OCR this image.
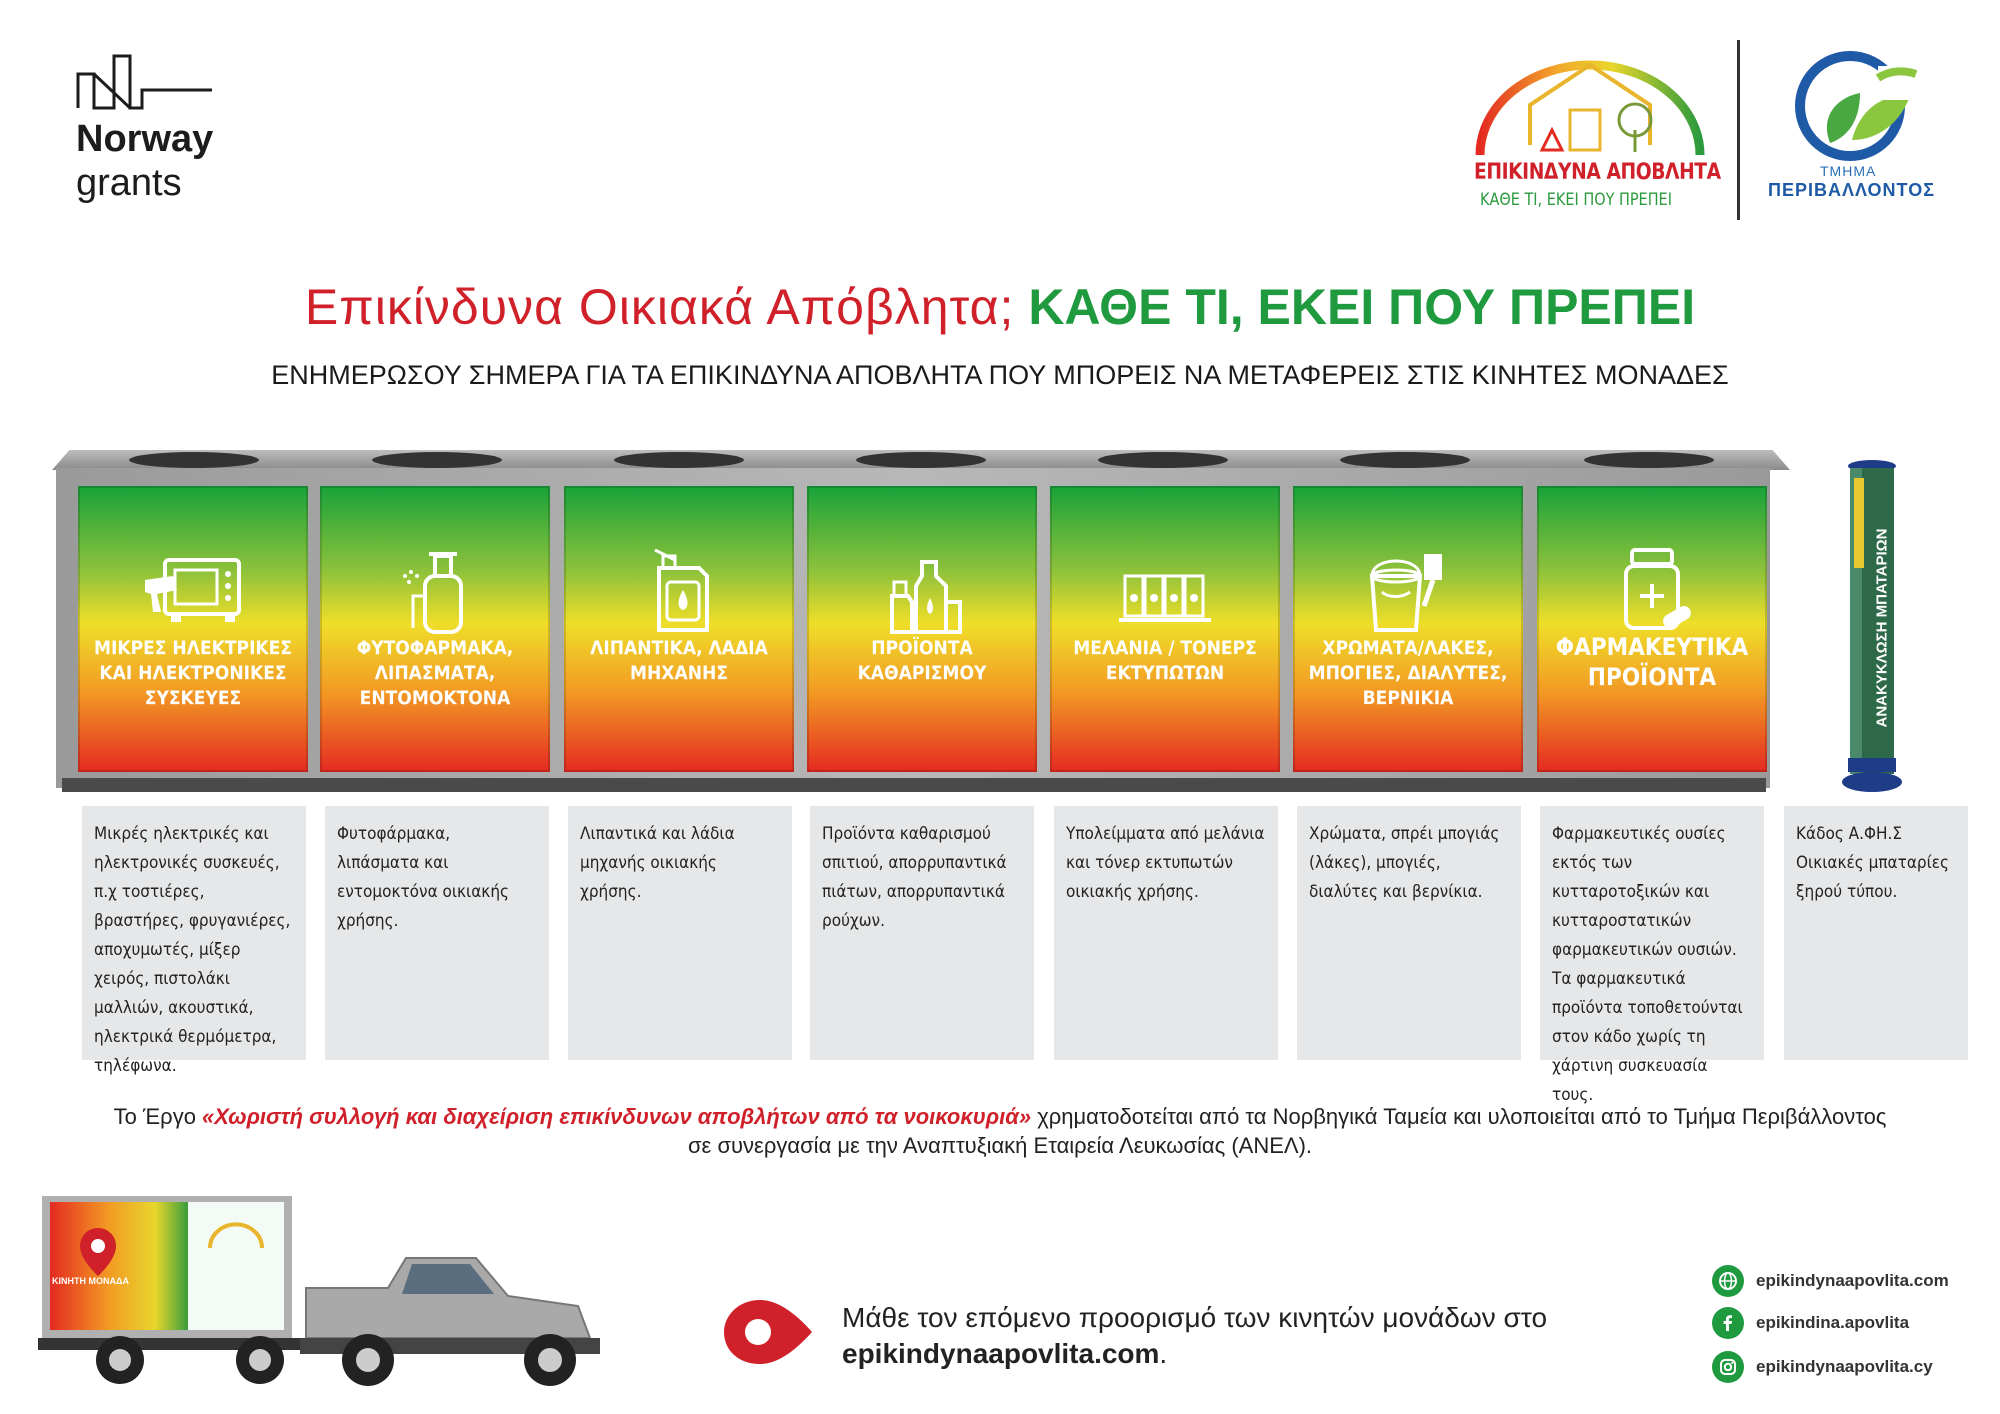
Norway
grants	ΕΠΙΚΙΝΔΥΝΑ ΑΠΟΒΛΗΤΑ
ΚΑΘΕ ΤΙ, ΕΚΕΙ ΠΟΥ ΠΡΕΠΕΙ
ΤΜΗΜΑ
ΠΕΡΙΒΑΛΛΟΝΤΟΣ
Επικίνδυνα Οικιακά Απόβλητα; ΚΑΘΕ ΤΙ, ΕΚΕΙ ΠΟΥ ΠΡΕΠΕΙ
ΕΝΗΜΕΡΩΣΟΥ ΣΗΜΕΡΑ ΓΙΑ ΤΑ ΕΠΙΚΙΝΔΥΝΑ ΑΠΟΒΛΗΤΑ ΠΟΥ ΜΠΟΡΕΙΣ ΝΑ ΜΕΤΑΦΕΡΕΙΣ ΣΤΙΣ ΚΙΝΗΤΕΣ ΜΟΝΑΔΕΣ
ΜΙΚΡΕΣ ΗΛΕΚΤΡΙΚΕΣ ΚΑΙ ΗΛΕΚΤΡΟΝΙΚΕΣ ΣΥΣΚΕΥΕΣ
ΦΥΤΟΦΑΡΜΑΚΑ, ΛΙΠΑΣΜΑΤΑ, ΕΝΤΟΜΟΚΤΟΝΑ
ΛΙΠΑΝΤΙΚΑ, ΛΑΔΙΑ ΜΗΧΑΝΗΣ
ΠΡΟΪΟΝΤΑ ΚΑΘΑΡΙΣΜΟΥ
ΜΕΛΑΝΙΑ / ΤΟΝΕΡΣ ΕΚΤΥΠΩΤΩΝ
ΧΡΩΜΑΤΑ/ΛΑΚΕΣ, ΜΠΟΓΙΕΣ, ΔΙΑΛΥΤΕΣ, ΒΕΡΝΙΚΙΑ
ΦΑΡΜΑΚΕΥΤΙΚΑ ΠΡΟΪΟΝΤΑ	ΑΝΑΚΥΚΛΩΣΗ ΜΠΑΤΑΡΙΩΝ
Μικρές ηλεκτρικές και ηλεκτρονικές συσκευές, π.χ τοστιέρες, βραστήρες, φρυγανιέρες, αποχυμωτές, μίξερ χειρός, πιστολάκι μαλλιών, ακουστικά, ηλεκτρικά θερμόμετρα, τηλέφωνα.
Φυτοφάρμακα, λιπάσματα και εντομοκτόνα οικιακής χρήσης.
Λιπαντικά και λάδια μηχανής οικιακής χρήσης.
Προϊόντα καθαρισμού σπιτιού, απορρυπαντικά πιάτων, απορρυπαντικά ρούχων.
Υπολείμματα από μελάνια και τόνερ εκτυπωτών οικιακής χρήσης.
Χρώματα, σπρέι μπογιάς (λάκες), μπογιές, διαλύτες και βερνίκια.
Φαρμακευτικές ουσίες εκτός των κυτταροτοξικών και κυτταροστατικών φαρμακευτικών ουσιών. Τα φαρμακευτικά προϊόντα τοποθετούνται στον κάδο χωρίς τη χάρτινη συσκευασία τους.
Κάδος Α.ΦΗ.Σ Οικιακές μπαταρίες ξηρού τύπου.
Το Έργο «Χωριστή συλλογή και διαχείριση επικίνδυνων αποβλήτων από τα νοικοκυριά» χρηματοδοτείται από τα Νορβηγικά Ταμεία και υλοποιείται από το Τμήμα Περιβάλλοντος σε συνεργασία με την Αναπτυξιακή Εταιρεία Λευκωσίας (ΑΝΕΛ).
ΚΙΝΗΤΗ ΜΟΝΑΔΑ
Μάθε τον επόμενο προορισμό των κινητών μονάδων στο
epikindynaapovlita.com.
epikindynaapovlita.com
epikindina.apovlita
epikindynaapovlita.cy
